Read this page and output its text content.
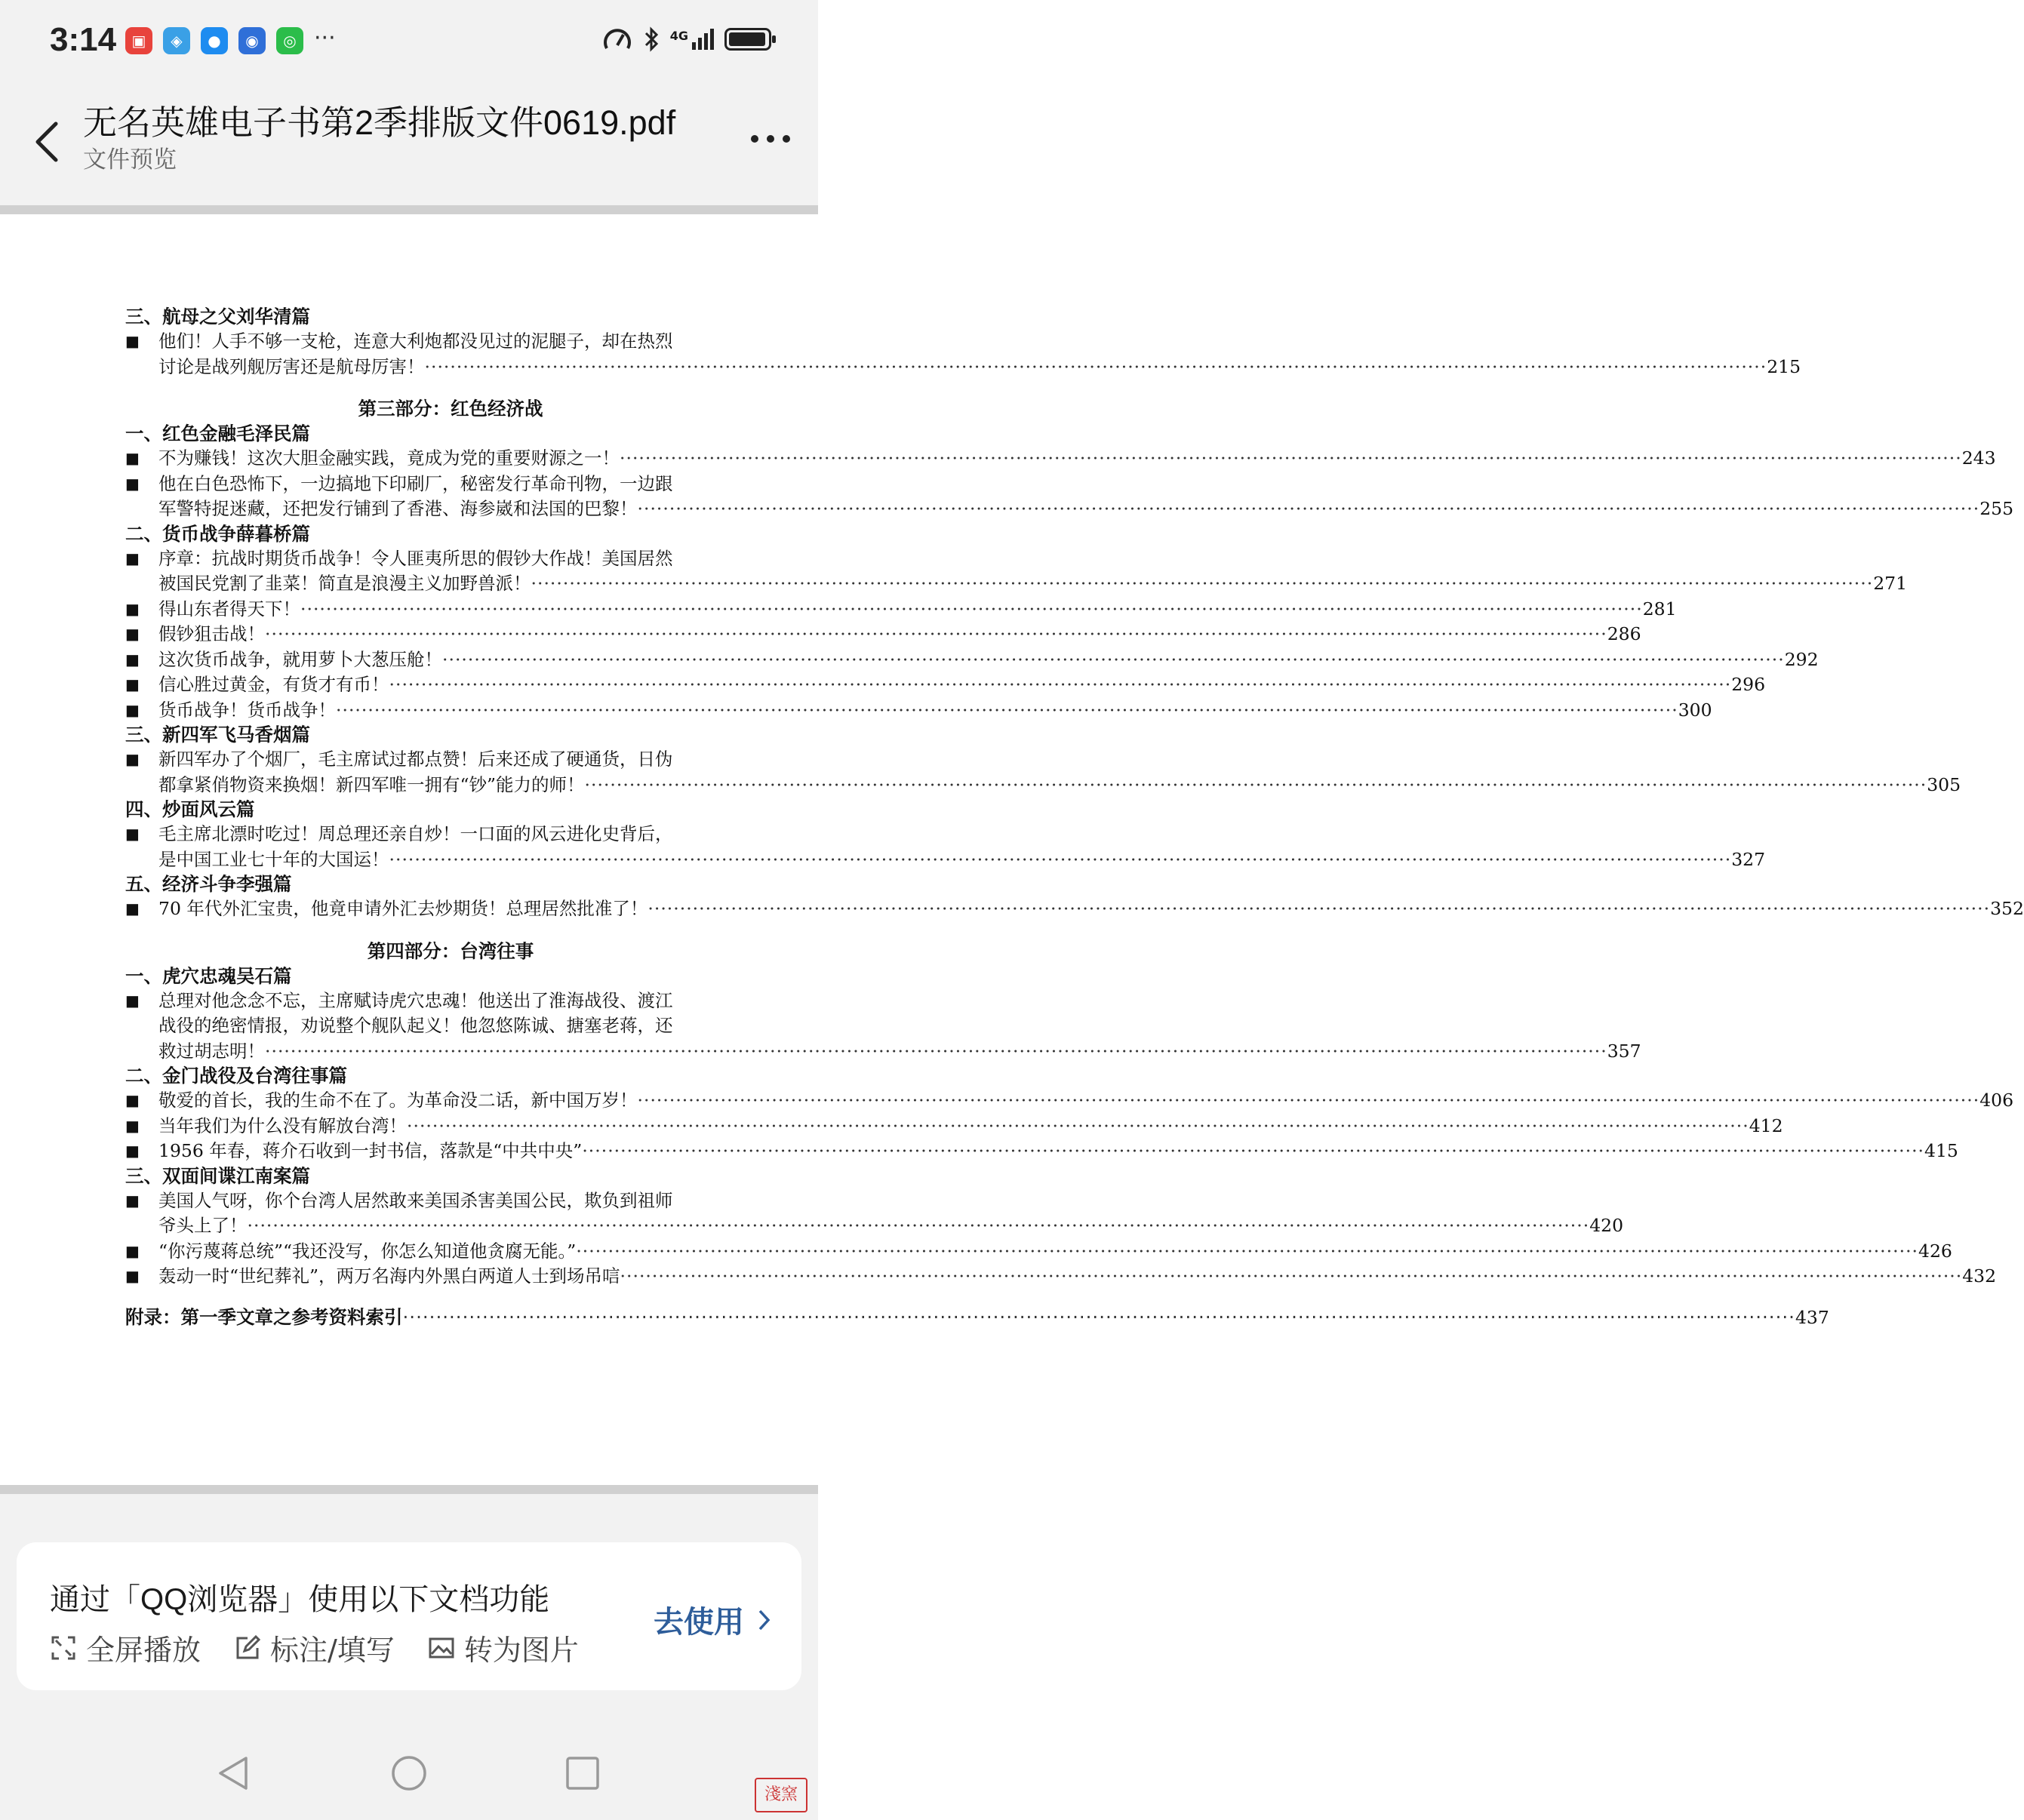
3:14	▣	◈	●	◉	◎ ···	4G
无名英雄电子书第2季排版文件0619.pdf
文件预览
三、航母之父刘华清篇
■	他们！人手不够一支枪，连意大利炮都没见过的泥腿子，却在热烈
讨论是战列舰厉害还是航母厉害！ ·····	215
第三部分：红色经济战
一、红色金融毛泽民篇
■	不为赚钱！这次大胆金融实践，竟成为党的重要财源之一！ ·····	243
■	他在白色恐怖下，一边搞地下印刷厂，秘密发行革命刊物，一边跟
军警特捉迷藏，还把发行铺到了香港、海参崴和法国的巴黎！ ·····	255
二、货币战争薛暮桥篇
■	序章：抗战时期货币战争！令人匪夷所思的假钞大作战！美国居然
被国民党割了韭菜！简直是浪漫主义加野兽派！ ·····	271
■	得山东者得天下！ ·····	281
■	假钞狙击战！ ·····	286
■	这次货币战争，就用萝卜大葱压舱！ ·····	292
■	信心胜过黄金，有货才有币！ ·····	296
■	货币战争！货币战争！ ·····	300
三、新四军飞马香烟篇
■	新四军办了个烟厂，毛主席试过都点赞！后来还成了硬通货，日伪
都拿紧俏物资来换烟！新四军唯一拥有“钞”能力的师！ ·····	305
四、炒面风云篇
■	毛主席北漂时吃过！周总理还亲自炒！一口面的风云进化史背后，
是中国工业七十年的大国运！ ·····	327
五、经济斗争李强篇
■	70 年代外汇宝贵，他竟申请外汇去炒期货！总理居然批准了！ ·····	352
第四部分：台湾往事
一、虎穴忠魂吴石篇
■	总理对他念念不忘，主席赋诗虎穴忠魂！他送出了淮海战役、渡江
战役的绝密情报，劝说整个舰队起义！他忽悠陈诚、搪塞老蒋，还
救过胡志明！ ·····	357
二、金门战役及台湾往事篇
■	敬爱的首长，我的生命不在了。为革命没二话，新中国万岁！ ·····	406
■	当年我们为什么没有解放台湾！ ·····	412
■	1956 年春，蒋介石收到一封书信，落款是“中共中央” ·····	415
三、双面间谍江南案篇
■	美国人气呀，你个台湾人居然敢来美国杀害美国公民，欺负到祖师
爷头上了！ ·····	420
■	“你污蔑蒋总统”“我还没写，你怎么知道他贪腐无能。” ·····	426
■	轰动一时“世纪葬礼”，两万名海内外黑白两道人士到场吊唁 ·····	432
附录：第一季文章之参考资料索引 ·····	437
通过「QQ浏览器」使用以下文档功能
全屏播放 标注/填写 转为图片
去使用
淺窯
